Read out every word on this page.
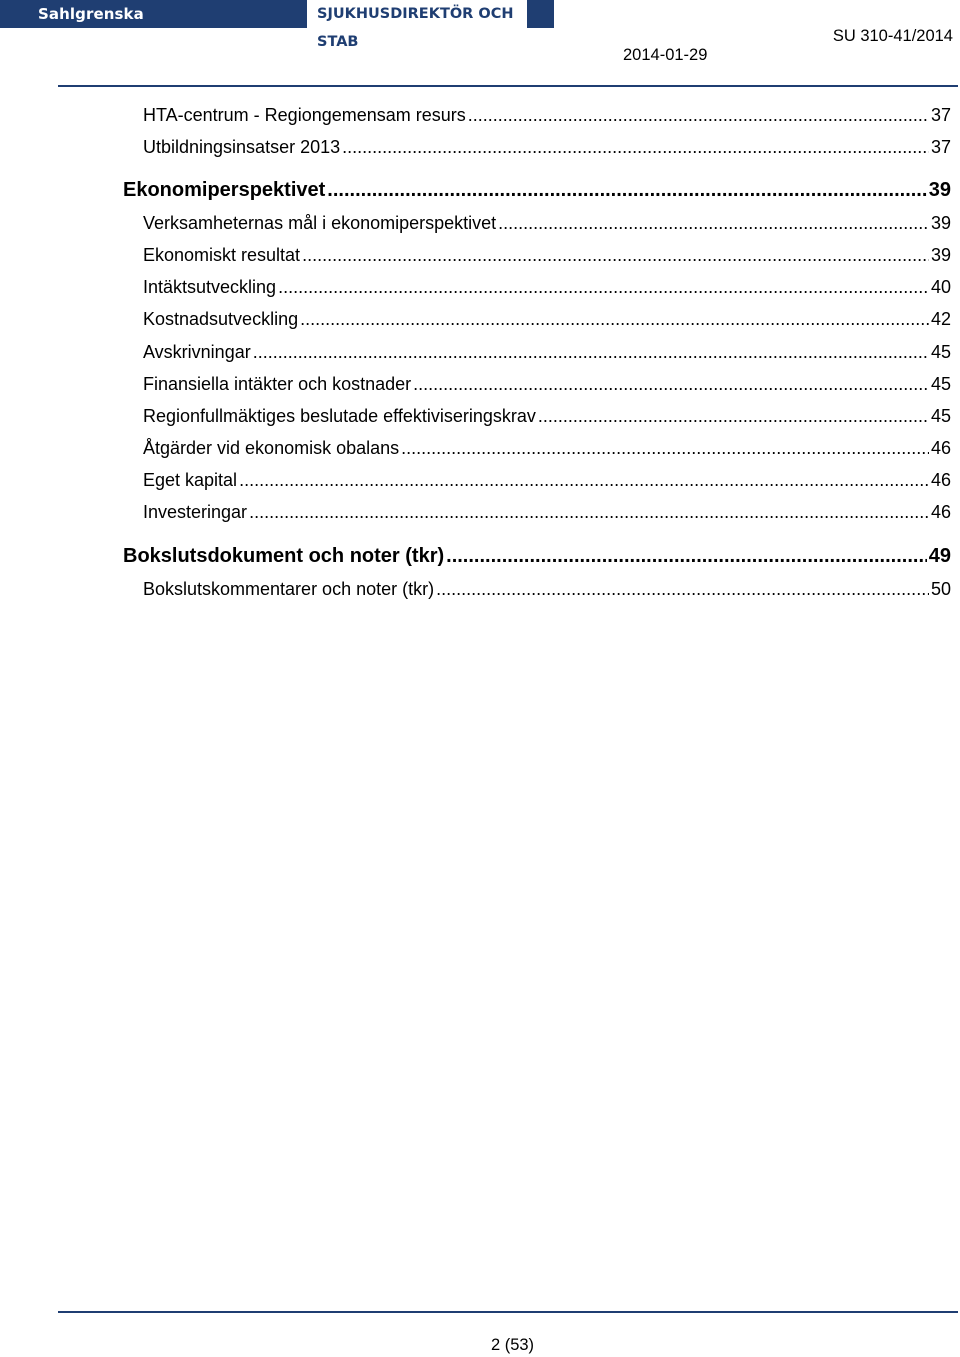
Sahlgrenska Universitetssjukhuset
SJUKHUSDIREKTÖR OCH STAB	SU 310-41/2014
2014-01-29
HTA-centrum - Regiongemensam resurs .....	37
Utbildningsinsatser 2013 .....	37
Ekonomiperspektivet .....	39
Verksamheternas mål i ekonomiperspektivet .....	39
Ekonomiskt resultat .....	39
Intäktsutveckling .....	40
Kostnadsutveckling .....	42
Avskrivningar .....	45
Finansiella intäkter och kostnader .....	45
Regionfullmäktiges beslutade effektiviseringskrav .....	45
Åtgärder vid ekonomisk obalans .....	46
Eget kapital .....	46
Investeringar .....	46
Bokslutsdokument och noter (tkr) .....	49
Bokslutskommentarer och noter (tkr) .....	50
2 (53)
